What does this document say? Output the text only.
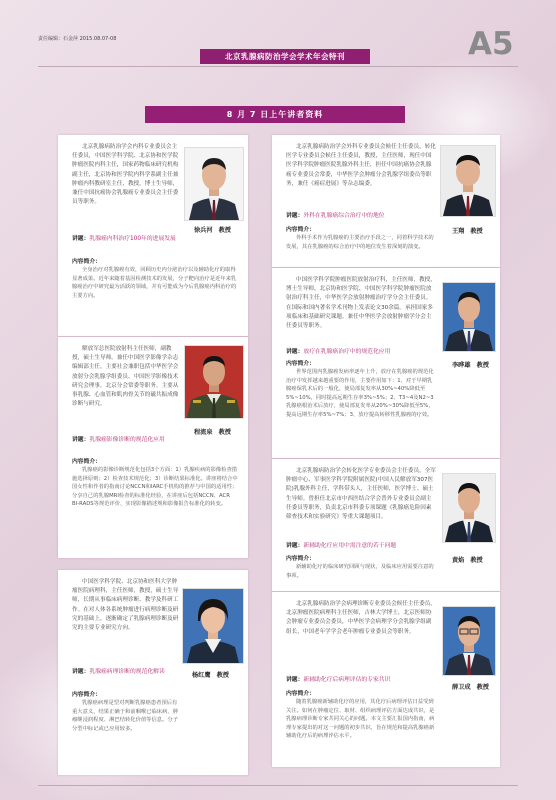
责任编辑：石金萍 2015.08.07-08
北京乳腺病防治学会学术年会特刊	A5
8 月 7 日上午讲者资料

北京乳腺病防治学会内科专业委员会主任委员，中国医学科学院、北京协和医学院肿瘤医院内科主任，国家药物临床研究机构副主任，北京协和医学院内科学系副主任兼肿瘤内科教研室主任，教授，博士生导师，兼任中国抗癌协会乳腺癌专业委员会主任委员等职务。

徐兵河 教授

讲题：乳腺癌内科治疗100年的进展发展

内容简介：

全身治疗对乳腺癌有效，回顾历史内分泌治疗以及辅助化疗的取得显著成果。近年来随着基因检测技术的发展，分子靶向治疗是近年来乳腺癌治疗中研究最为活跃的领域，并有可能成为今后乳腺癌内科治疗的主要方向。

解放军总医院放射科主任医师，副教授，硕士生导师。兼任中国医学影像学杂志编辑部主任，主要社会兼职包括中华医学会放射分会乳腺学组委员、中国医学影像技术研究会理事，北京分会常委等职务。主要从事乳腺、心血管和肌肉骨关节的磁共振成像诊断与研究。

程流泉 教授

讲题：乳腺癌影像诊断的规范化应用

内容简介：

乳腺癌的影像诊断规范化包括3个方面：1）乳腺疾病的影像检查措施选择原则；2）检查技术规范化；3）诊断结果标准化。讲座将结合中国女性和作者的指南讨论NCCN和IARC手机构的推荐与中国的适用性；分享自己的乳腺MRI检查的标准化经验，在讲座后包括NCCN、ACR BI-RADS等规范评价，实现影像描述规和影像报告标准化的转变。

中国医学科学院、北京协和医科大学肿瘤医院病理科，主任医师，教授，硕士生导师，长期从事临床病理诊断、教学及科研工作。在对人体各系统肿瘤进行病理诊断及研究的基础上，逐渐确定了乳腺病理诊断及研究的主要专业研究方向。

杨红鹰 教授

讲题：乳腺癌病理诊断的规范化解读

内容简介：

乳腺癌病理是型对判断乳腺癌患者预后有重大意义，结果正确于和前咽喉已临床病、肿瘤继浸润程度、淋巴结转化价值等信息。分子分型中标记或已应用较多。

北京乳腺病防治学会外科专业委员会候任主任委员，转化医学专业委员会候任主任委员，教授，主任医师，现任中国医学科学院肿瘤医院乳腺外科主任，担任中国抗癌协会乳腺癌专业委员会常委，中华医学会肿瘤分会乳腺学组委员等职务，兼任《癌症进展》等杂志编委。

王翔 教授

讲题：外科在乳腺癌综合治疗中的地位

内容简介：

外科手术作为乳腺癌的主要治疗手段之一，同着科学技术的发展，其在乳腺癌的综合治疗中的地位发生着深刻的演变。

中国医学科学院肿瘤医院放射治疗科，主任医师，教授，博士生导师，北京协和医学院、中国医学科学院肿瘤医院放射治疗科主任，中华医学会放射肿瘤治疗学分会主任委员。在国际和国内著名学术刊物上发表论文30余篇。承担国家多项临床和基础研究课题。兼任中华医学会放射肿瘤学分会主任委员等职务。

李晔雄 教授

讲题：放疗在乳腺癌治疗中的规范化应用

内容简介：

世界范围内乳腺癌发病率逐年上升，放疗在乳腺癌的规范化治疗中发挥越来越重要的作用，主要作用如下：1、对于早期乳腺癌保乳术后的一般化，使局部复发率从30%~40%降低至5%~10%，同时提高远期生存率3%~5%；2、T3~4及N2~3乳腺癌根治术后放疗，使局部复发率从20%~30%降低至5%，提高远期生存率5%~7%；3、放疗提高转移性乳腺癌的疗效。

北京乳腺病防治学会转化医学专业委员会主任委员，全军肿瘤中心、军事医学科学院附属医院(中国人民解放军307医院)乳腺外科主任，学科带头人，主任医师，医学博士、硕士生导师。曾担任北京市中西医结合学会普外专业委员会副主任委员等职务，负责北京市科委专项课题《乳腺癌危险因素筛查技术和实验研究》等重大课题项目。

黄焰 教授

讲题：新辅助化疗应用中需注意的若干问题

内容简介：

新辅助化疗的临床研究回顾与现状，及临床应用需要注意的事项。

北京乳腺病防治学会病理诊断专业委员会候任主任委员，北京肿瘤医院病理科主任医师，吉林大学博士，北京医师协会肿瘤专业委员会委员，中华医学会病理学分会乳腺学组副组长，中国老年学学会老年肿瘤专业委员会等职务。

薛卫成 教授

讲题：新辅助化疗后病理评估的专家共识

内容简介：

随着乳腺癌新辅助化疗的应用，其化疗后病理评估日益受到关注。如何在肿瘤定位、取材、组织病理评估方面达成共识，是乳腺病理诊断专家共同关心的问题。本文主要汇报国内指南，病理专家提出的对这一问题的初步共识，旨在规范和提高乳腺癌新辅助化疗后的病理评估水平。
